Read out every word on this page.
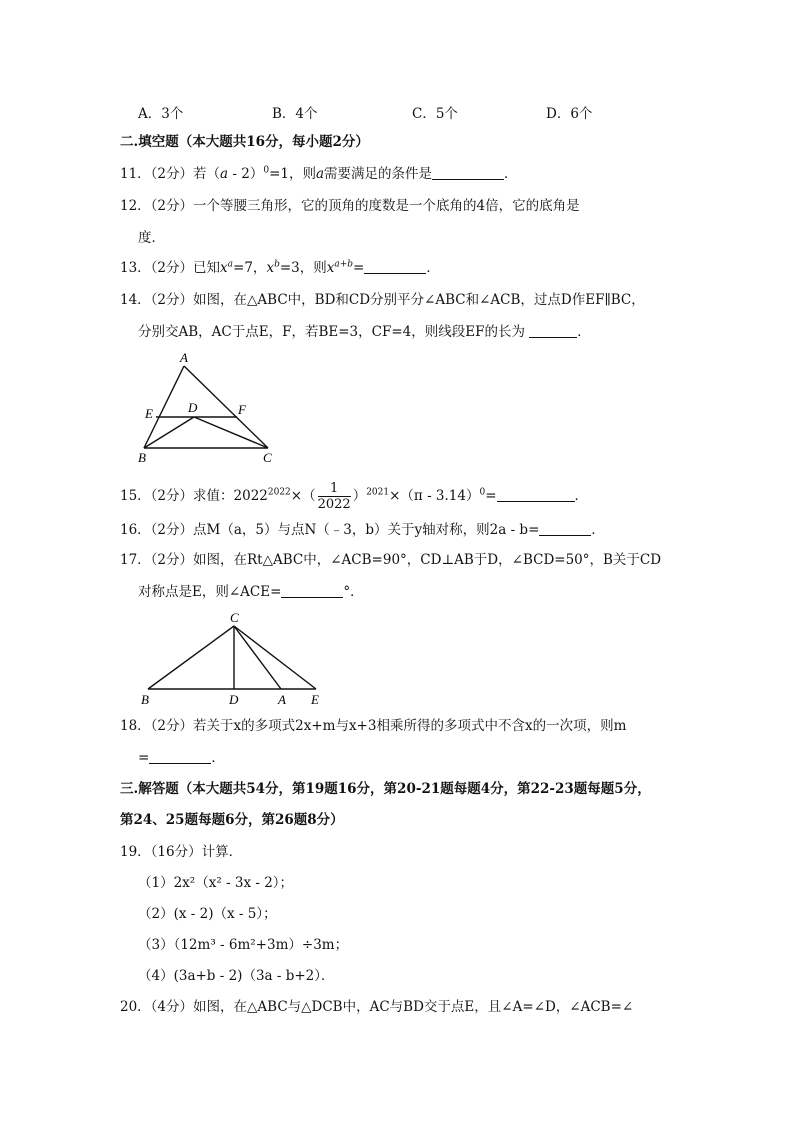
A．3个	B．4个	C．5个	D．6个
二.填空题（本大题共16分，每小题2分）
11．（2分）若（a - 2）$^0$=1，则a需要满足的条件是	．
12．（2分）一个等腰三角形，它的顶角的度数是一个底角的4倍，它的底角是
度．
13．（2分）已知$x^a=7$，$x^b=3$，则$x^{a+b}=$	．
14．（2分）如图，在△ABC中，BD和CD分别平分∠ABC和∠ACB，过点D作EF∥BC，
分别交AB，AC于点E，F，若BE=3，CF=4，则线段EF的长为	．
A
B	C
D
E	F
15．（2分）求值：$2022^{2022}\times( \frac{1}{2022} )^{2021}\times(\pi - 3.14)^0=$	．
16．（2分）点M（a，5）与点N（﹣3，b）关于y轴对称，则2a - b=	．
17．（2分）如图，在Rt△ABC中，∠ACB=90°，CD⊥AB于D，∠BCD=50°，B关于CD
对称点是E，则∠ACE=	°．
C
B	D	A E
18．（2分）若关于x的多项式2x+m与x+3相乘所得的多项式中不含x的一次项，则m
=	．
三.解答题（本大题共54分，第19题16分，第20-21题每题4分，第22-23题每题5分，
第24、25题每题6分，第26题8分）
19．（16分）计算．
（1）2x²（x² - 3x - 2）；
（2）(x - 2)（x - 5）；
（3）（12m³ - 6m²+3m）÷3m；
（4）(3a+b - 2)（3a - b+2）．
20．（4分）如图，在△ABC与△DCB中，AC与BD交于点E，且∠A=∠D，∠ACB=∠
